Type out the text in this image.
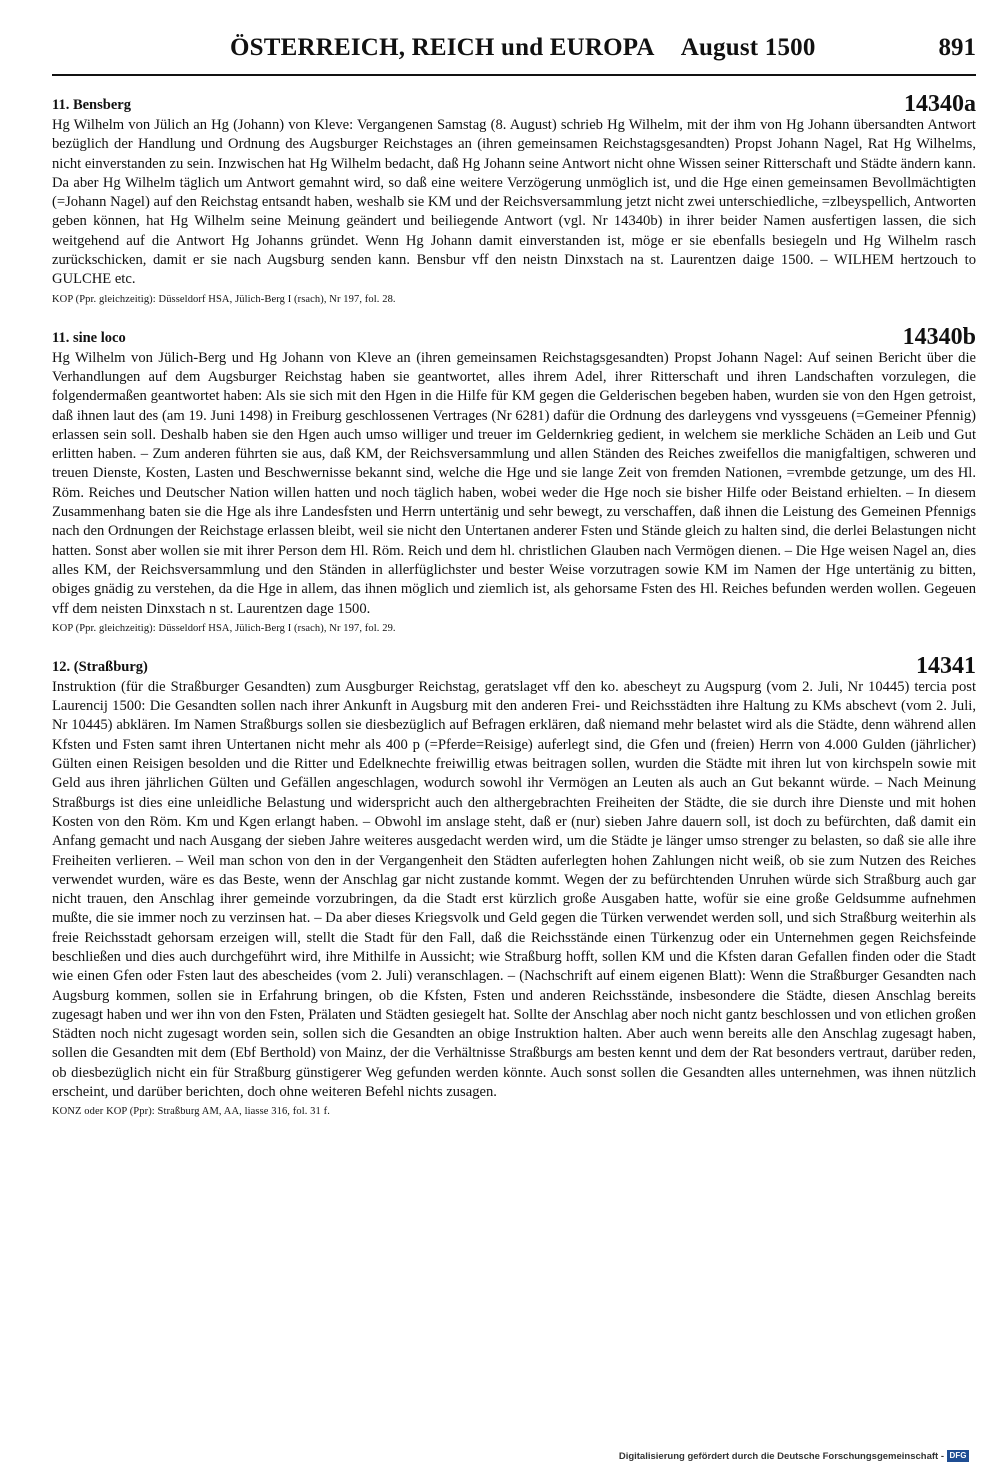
ÖSTERREICH, REICH und EUROPA August 1500	891
11. Bensberg	14340a

Hg Wilhelm von Jülich an Hg (Johann) von Kleve: Vergangenen Samstag (8. August) schrieb Hg Wilhelm, mit der ihm von Hg Johann übersandten Antwort bezüglich der Handlung und Ordnung des Augsburger Reichstages an (ihren gemeinsamen Reichstagsgesandten) Propst Johann Nagel, Rat Hg Wilhelms, nicht einverstanden zu sein. Inzwischen hat Hg Wilhelm bedacht, daß Hg Johann seine Antwort nicht ohne Wissen seiner Ritterschaft und Städte ändern kann. Da aber Hg Wilhelm täglich um Antwort gemahnt wird, so daß eine weitere Verzögerung unmöglich ist, und die Hge einen gemeinsamen Bevollmächtigten (=Johann Nagel) auf den Reichstag entsandt haben, weshalb sie KM und der Reichsversammlung jetzt nicht zwei unterschiedliche, =zlbeyspellich, Antworten geben können, hat Hg Wilhelm seine Meinung geändert und beiliegende Antwort (vgl. Nr 14340b) in ihrer beider Namen ausfertigen lassen, die sich weitgehend auf die Antwort Hg Johanns gründet. Wenn Hg Johann damit einverstanden ist, möge er sie ebenfalls besiegeln und Hg Wilhelm rasch zurückschicken, damit er sie nach Augsburg senden kann. Bensbur vff den neistn Dinxstach na st. Laurentzen daige 1500. – WILHEM hertzouch to GULCHE etc.

KOP (Ppr. gleichzeitig): Düsseldorf HSA, Jülich-Berg I (rsach), Nr 197, fol. 28.

11. sine loco	14340b

Hg Wilhelm von Jülich-Berg und Hg Johann von Kleve an (ihren gemeinsamen Reichstagsgesandten) Propst Johann Nagel: Auf seinen Bericht über die Verhandlungen auf dem Augsburger Reichstag haben sie geantwortet, alles ihrem Adel, ihrer Ritterschaft und ihren Landschaften vorzulegen, die folgendermaßen geantwortet haben: Als sie sich mit den Hgen in die Hilfe für KM gegen die Gelderischen begeben haben, wurden sie von den Hgen getroist, daß ihnen laut des (am 19. Juni 1498) in Freiburg geschlossenen Vertrages (Nr 6281) dafür die Ordnung des darleygens vnd vyssgeuens (=Gemeiner Pfennig) erlassen sein soll. Deshalb haben sie den Hgen auch umso williger und treuer im Geldernkrieg gedient, in welchem sie merkliche Schäden an Leib und Gut erlitten haben. – Zum anderen führten sie aus, daß KM, der Reichsversammlung und allen Ständen des Reiches zweifellos die manigfaltigen, schweren und treuen Dienste, Kosten, Lasten und Beschwernisse bekannt sind, welche die Hge und sie lange Zeit von fremden Nationen, =vrembde getzunge, um des Hl. Röm. Reiches und Deutscher Nation willen hatten und noch täglich haben, wobei weder die Hge noch sie bisher Hilfe oder Beistand erhielten. – In diesem Zusammenhang baten sie die Hge als ihre Landesfsten und Herrn untertänig und sehr bewegt, zu verschaffen, daß ihnen die Leistung des Gemeinen Pfennigs nach den Ordnungen der Reichstage erlassen bleibt, weil sie nicht den Untertanen anderer Fsten und Stände gleich zu halten sind, die derlei Belastungen nicht hatten. Sonst aber wollen sie mit ihrer Person dem Hl. Röm. Reich und dem hl. christlichen Glauben nach Vermögen dienen. – Die Hge weisen Nagel an, dies alles KM, der Reichsversammlung und den Ständen in allerfüglichster und bester Weise vorzutragen sowie KM im Namen der Hge untertänig zu bitten, obiges gnädig zu verstehen, da die Hge in allem, das ihnen möglich und ziemlich ist, als gehorsame Fsten des Hl. Reiches befunden werden wollen. Gegeuen vff dem neisten Dinxstach n st. Laurentzen dage 1500.

KOP (Ppr. gleichzeitig): Düsseldorf HSA, Jülich-Berg I (rsach), Nr 197, fol. 29.

12. (Straßburg)	14341

Instruktion (für die Straßburger Gesandten) zum Ausgburger Reichstag, geratslaget vff den ko. abescheyt zu Augspurg (vom 2. Juli, Nr 10445) tercia post Laurencij 1500: Die Gesandten sollen nach ihrer Ankunft in Augsburg mit den anderen Frei- und Reichsstädten ihre Haltung zu KMs abschevt (vom 2. Juli, Nr 10445) abklären. Im Namen Straßburgs sollen sie diesbezüglich auf Befragen erklären, daß niemand mehr belastet wird als die Städte, denn während allen Kfsten und Fsten samt ihren Untertanen nicht mehr als 400 p (=Pferde=Reisige) auferlegt sind, die Gfen und (freien) Herrn von 4.000 Gulden (jährlicher) Gülten einen Reisigen besolden und die Ritter und Edelknechte freiwillig etwas beitragen sollen, wurden die Städte mit ihren lut von kirchspeln sowie mit Geld aus ihren jährlichen Gülten und Gefällen angeschlagen, wodurch sowohl ihr Vermögen an Leuten als auch an Gut bekannt würde. – Nach Meinung Straßburgs ist dies eine unleidliche Belastung und widerspricht auch den althergebrachten Freiheiten der Städte, die sie durch ihre Dienste und mit hohen Kosten von den Röm. Km und Kgen erlangt haben. – Obwohl im anslage steht, daß er (nur) sieben Jahre dauern soll, ist doch zu befürchten, daß damit ein Anfang gemacht und nach Ausgang der sieben Jahre weiteres ausgedacht werden wird, um die Städte je länger umso strenger zu belasten, so daß sie alle ihre Freiheiten verlieren. – Weil man schon von den in der Vergangenheit den Städten auferlegten hohen Zahlungen nicht weiß, ob sie zum Nutzen des Reiches verwendet wurden, wäre es das Beste, wenn der Anschlag gar nicht zustande kommt. Wegen der zu befürchtenden Unruhen würde sich Straßburg auch gar nicht trauen, den Anschlag ihrer gemeinde vorzubringen, da die Stadt erst kürzlich große Ausgaben hatte, wofür sie eine große Geldsumme aufnehmen mußte, die sie immer noch zu verzinsen hat. – Da aber dieses Kriegsvolk und Geld gegen die Türken verwendet werden soll, und sich Straßburg weiterhin als freie Reichsstadt gehorsam erzeigen will, stellt die Stadt für den Fall, daß die Reichsstände einen Türkenzug oder ein Unternehmen gegen Reichsfeinde beschließen und dies auch durchgeführt wird, ihre Mithilfe in Aussicht; wie Straßburg hofft, sollen KM und die Kfsten daran Gefallen finden oder die Stadt wie einen Gfen oder Fsten laut des abescheides (vom 2. Juli) veranschlagen. – (Nachschrift auf einem eigenen Blatt): Wenn die Straßburger Gesandten nach Augsburg kommen, sollen sie in Erfahrung bringen, ob die Kfsten, Fsten und anderen Reichsstände, insbesondere die Städte, diesen Anschlag bereits zugesagt haben und wer ihn von den Fsten, Prälaten und Städten gesiegelt hat. Sollte der Anschlag aber noch nicht gantz beschlossen und von etlichen großen Städten noch nicht zugesagt worden sein, sollen sich die Gesandten an obige Instruktion halten. Aber auch wenn bereits alle den Anschlag zugesagt haben, sollen die Gesandten mit dem (Ebf Berthold) von Mainz, der die Verhältnisse Straßburgs am besten kennt und dem der Rat besonders vertraut, darüber reden, ob diesbezüglich nicht ein für Straßburg günstigerer Weg gefunden werden könnte. Auch sonst sollen die Gesandten alles unternehmen, was ihnen nützlich erscheint, und darüber berichten, doch ohne weiteren Befehl nichts zusagen.

KONZ oder KOP (Ppr): Straßburg AM, AA, liasse 316, fol. 31 f.

Digitalisierung gefördert durch die Deutsche Forschungsgemeinschaft - DFG
